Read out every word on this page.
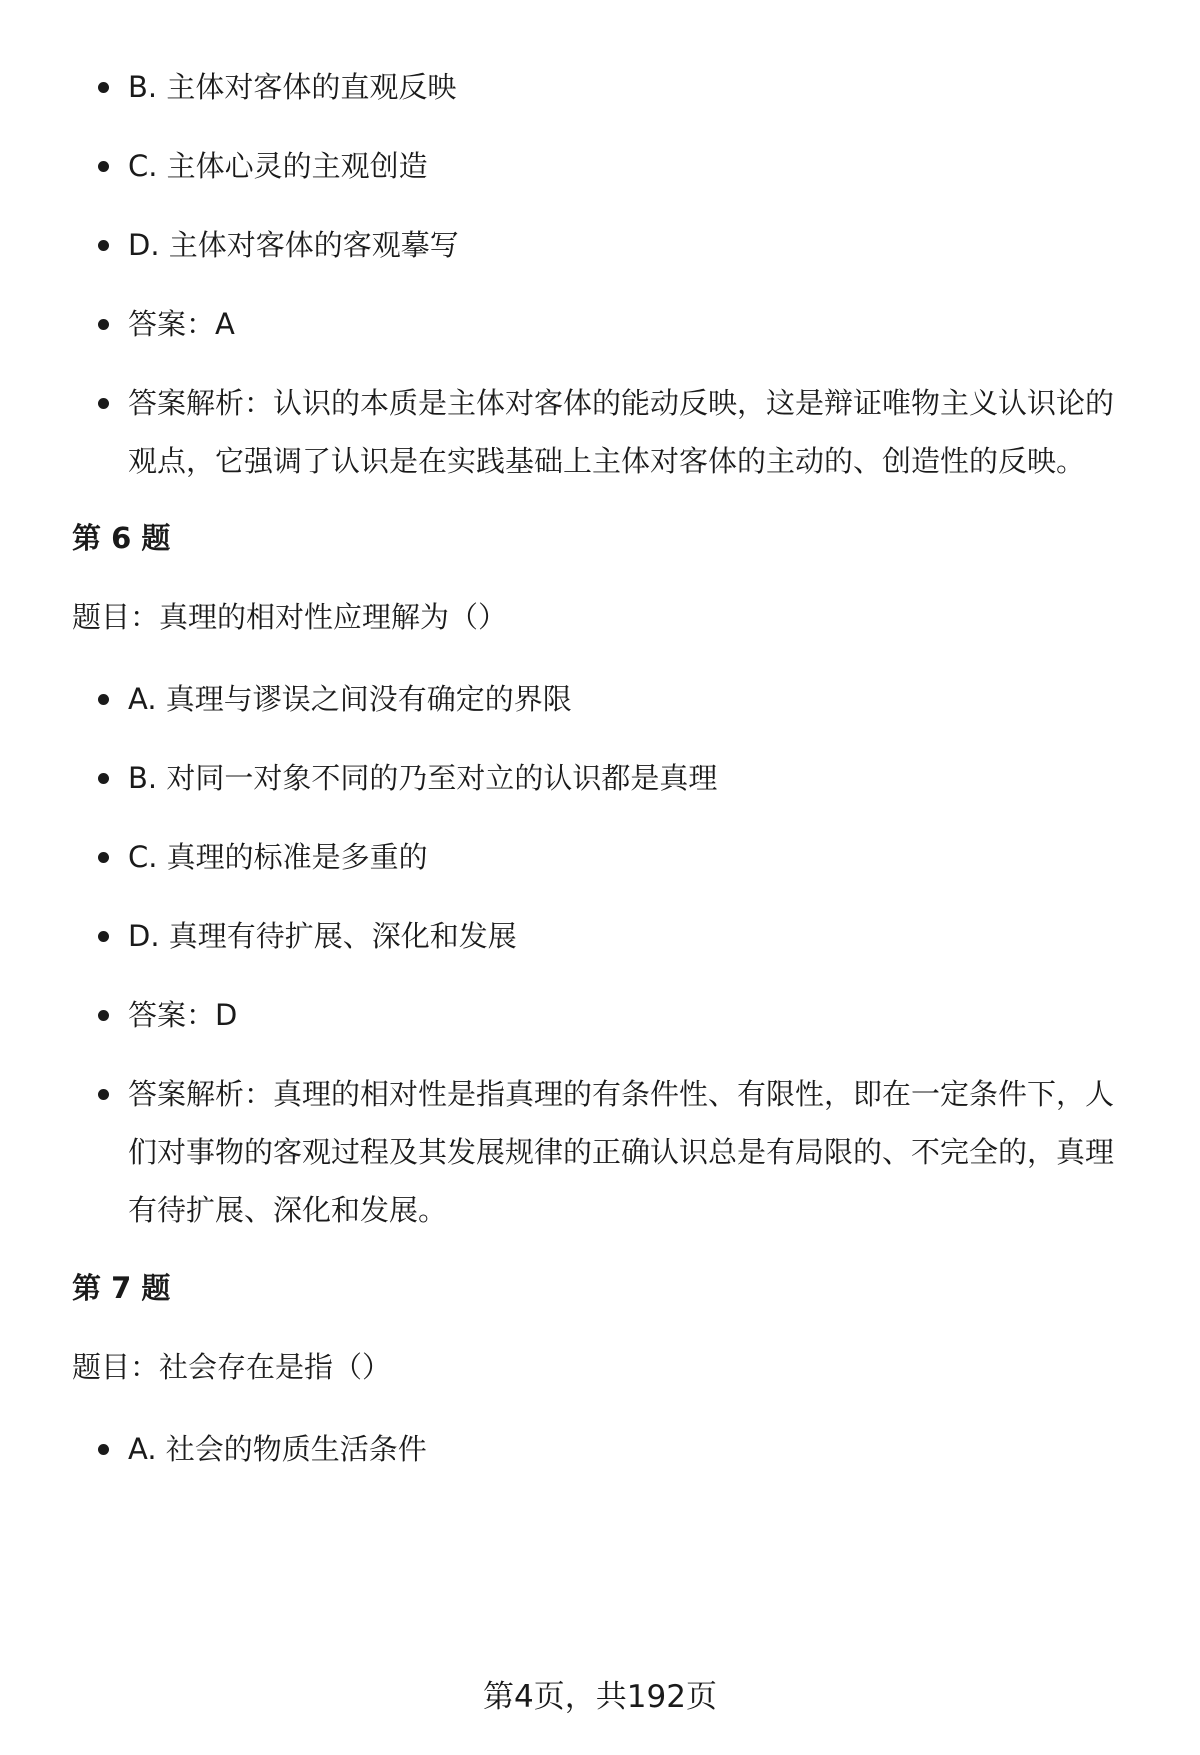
B. 主体对客体的直观反映
C. 主体心灵的主观创造
D. 主体对客体的客观摹写
答案：A
答案解析：认识的本质是主体对客体的能动反映，这是辩证唯物主义认识论的观点，它强调了认识是在实践基础上主体对客体的主动的、创造性的反映。
第 6 题

题目：真理的相对性应理解为（）

A. 真理与谬误之间没有确定的界限
B. 对同一对象不同的乃至对立的认识都是真理
C. 真理的标准是多重的
D. 真理有待扩展、深化和发展
答案：D
答案解析：真理的相对性是指真理的有条件性、有限性，即在一定条件下，人们对事物的客观过程及其发展规律的正确认识总是有局限的、不完全的，真理有待扩展、深化和发展。
第 7 题

题目：社会存在是指（）

A. 社会的物质生活条件
第4页，共192页
